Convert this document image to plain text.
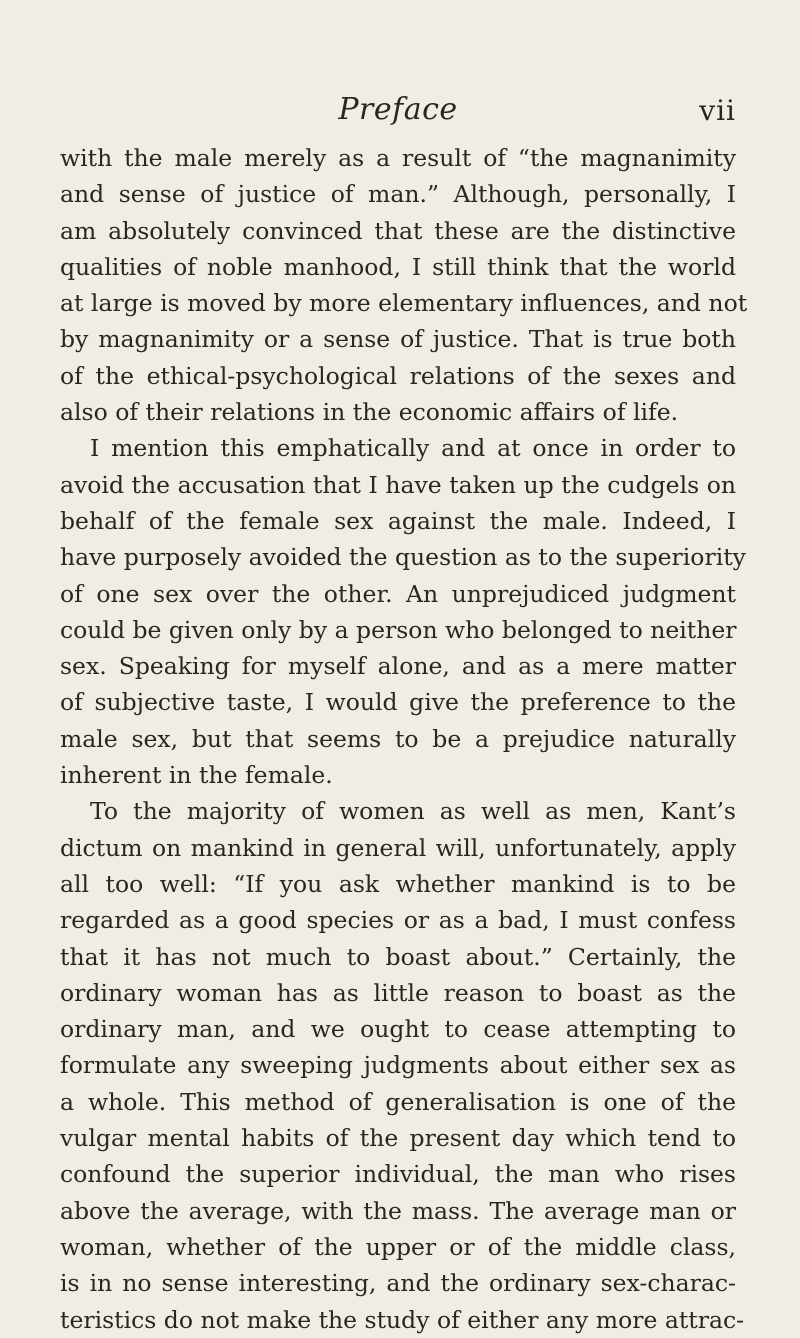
Preface	vii
with the male merely as a result of “the magnanimity
and sense of justice of man.” Although, personally, I
am absolutely convinced that these are the distinctive
qualities of noble manhood, I still think that the world
at large is moved by more elementary influences, and not
by magnanimity or a sense of justice. That is true both
of the ethical-psychological relations of the sexes and
also of their relations in the economic affairs of life.
I mention this emphatically and at once in order to
avoid the accusation that I have taken up the cudgels on
behalf of the female sex against the male. Indeed, I
have purposely avoided the question as to the superiority
of one sex over the other. An unprejudiced judgment
could be given only by a person who belonged to neither
sex. Speaking for myself alone, and as a mere matter
of subjective taste, I would give the preference to the
male sex, but that seems to be a prejudice naturally
inherent in the female.
To the majority of women as well as men, Kant’s
dictum on mankind in general will, unfortunately, apply
all too well: “If you ask whether mankind is to be
regarded as a good species or as a bad, I must confess
that it has not much to boast about.” Certainly, the
ordinary woman has as little reason to boast as the
ordinary man, and we ought to cease attempting to
formulate any sweeping judgments about either sex as
a whole. This method of generalisation is one of the
vulgar mental habits of the present day which tend to
confound the superior individual, the man who rises
above the average, with the mass. The average man or
woman, whether of the upper or of the middle class,
is in no sense interesting, and the ordinary sex-charac-
teristics do not make the study of either any more attrac-
